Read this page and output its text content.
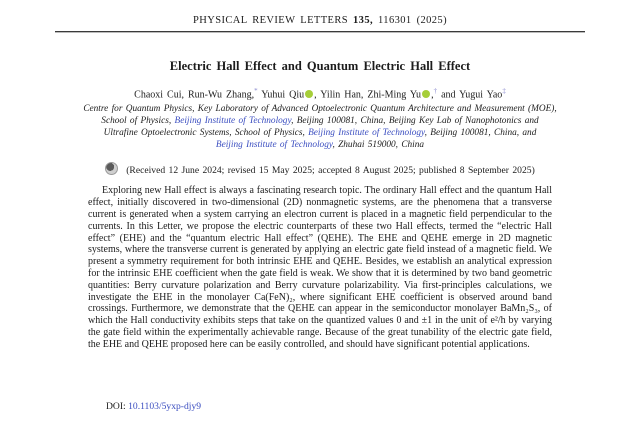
PHYSICAL REVIEW LETTERS 135, 116301 (2025)
Electric Hall Effect and Quantum Electric Hall Effect
Chaoxi Cui, Run-Wu Zhang,* Yuhui Qiu , Yilin Han, Zhi-Ming Yu ,† and Yugui Yao‡
Centre for Quantum Physics, Key Laboratory of Advanced Optoelectronic Quantum Architecture and Measurement (MOE),
School of Physics, Beijing Institute of Technology, Beijing 100081, China, Beijing Key Lab of Nanophotonics and
Ultrafine Optoelectronic Systems, School of Physics, Beijing Institute of Technology, Beijing 100081, China, and
Beijing Institute of Technology, Zhuhai 519000, China
(Received 12 June 2024; revised 15 May 2025; accepted 8 August 2025; published 8 September 2025)
Exploring new Hall effect is always a fascinating research topic. The ordinary Hall effect and the quantum Hall effect, initially discovered in two-dimensional (2D) nonmagnetic systems, are the phenomena that a transverse current is generated when a system carrying an electron current is placed in a magnetic field perpendicular to the currents. In this Letter, we propose the electric counterparts of these two Hall effects, termed the “electric Hall effect” (EHE) and the “quantum electric Hall effect” (QEHE). The EHE and QEHE emerge in 2D magnetic systems, where the transverse current is generated by applying an electric gate field instead of a magnetic field. We present a symmetry requirement for both intrinsic EHE and QEHE. Besides, we establish an analytical expression for the intrinsic EHE coefficient when the gate field is weak. We show that it is determined by two band geometric quantities: Berry curvature polarization and Berry curvature polarizability. Via first-principles calculations, we investigate the EHE in the monolayer Ca(FeN)₂, where significant EHE coefficient is observed around band crossings. Furthermore, we demonstrate that the QEHE can appear in the semiconductor monolayer BaMn₂S₃, of which the Hall conductivity exhibits steps that take on the quantized values 0 and ±1 in the unit of e²/h by varying the gate field within the experimentally achievable range. Because of the great tunability of the electric gate field, the EHE and QEHE proposed here can be easily controlled, and should have significant potential applications.
DOI: 10.1103/5yxp-djy9
